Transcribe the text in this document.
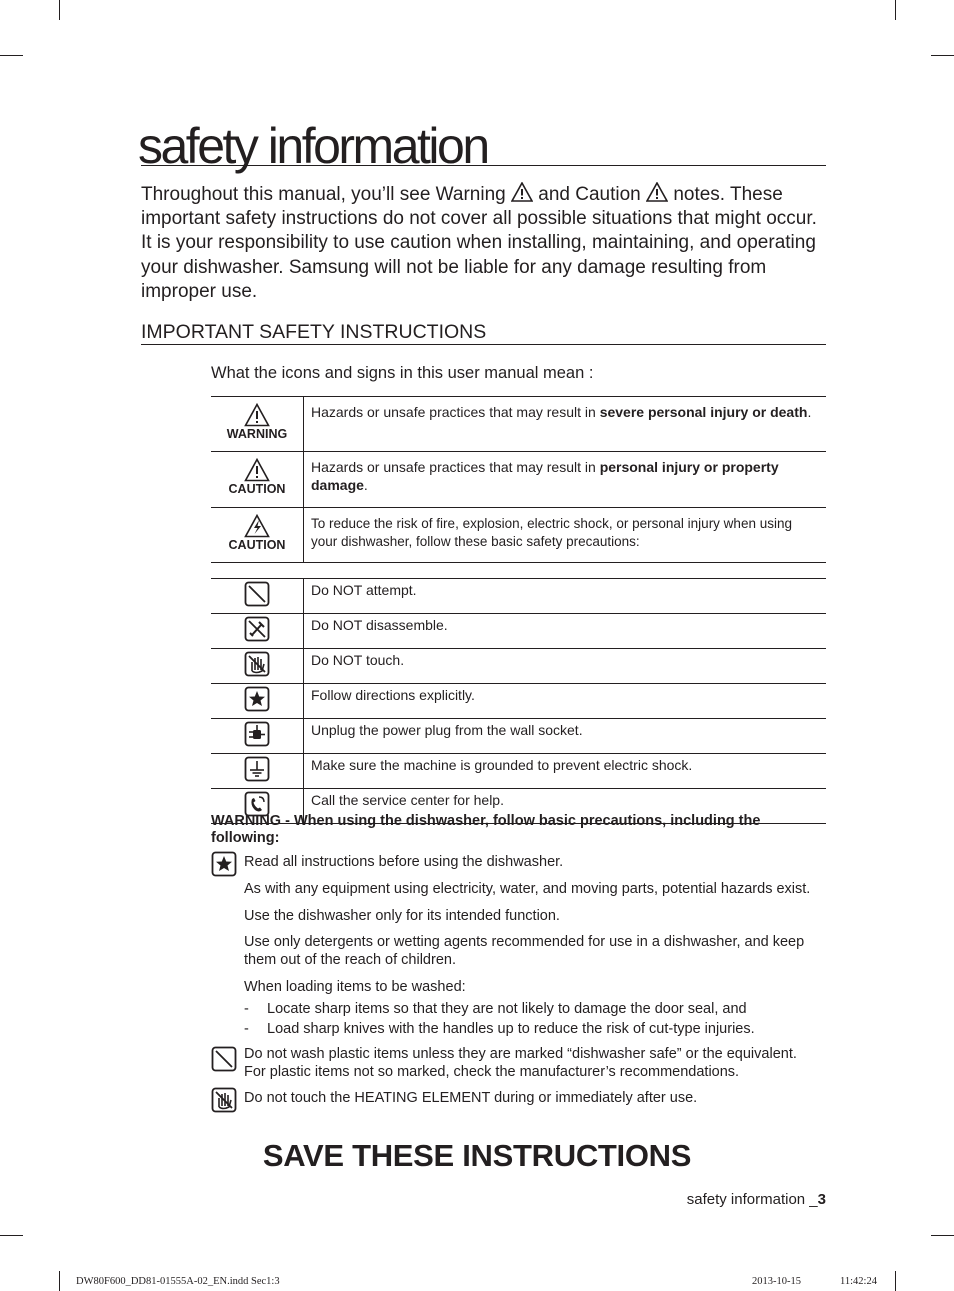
safety information
Throughout this manual, you’ll see Warning and Caution notes. These important safety instructions do not cover all possible situations that might occur. It is your responsibility to use caution when installing, maintaining, and operating your dishwasher. Samsung will not be liable for any damage resulting from improper use.
IMPORTANT SAFETY INSTRUCTIONS
What the icons and signs in this user manual mean :
WARNING	Hazards or unsafe practices that may result in severe personal injury or death.

CAUTION	Hazards or unsafe practices that may result in personal injury or property damage.

CAUTION	To reduce the risk of fire, explosion, electric shock, or personal injury when using your dishwasher, follow these basic safety precautions:
	Do NOT attempt.
	Do NOT disassemble.
	Do NOT touch.
	Follow directions explicitly.
	Unplug the power plug from the wall socket.
	Make sure the machine is grounded to prevent electric shock.
	Call the service center for help.
WARNING - When using the dishwasher, follow basic precautions, including the following:
Read all instructions before using the dishwasher.
As with any equipment using electricity, water, and moving parts, potential hazards exist.
Use the dishwasher only for its intended function.
Use only detergents or wetting agents recommended for use in a dishwasher, and keep them out of the reach of children.
When loading items to be washed:
- Locate sharp items so that they are not likely to damage the door seal, and
- Load sharp knives with the handles up to reduce the risk of cut-type injuries.
Do not wash plastic items unless they are marked “dishwasher safe” or the equivalent. For plastic items not so marked, check the manufacturer’s recommendations.
Do not touch the HEATING ELEMENT during or immediately after use.
SAVE THESE INSTRUCTIONS
safety information _3
DW80F600_DD81-01555A-02_EN.indd Sec1:3	2013-10-15	11:42:24
